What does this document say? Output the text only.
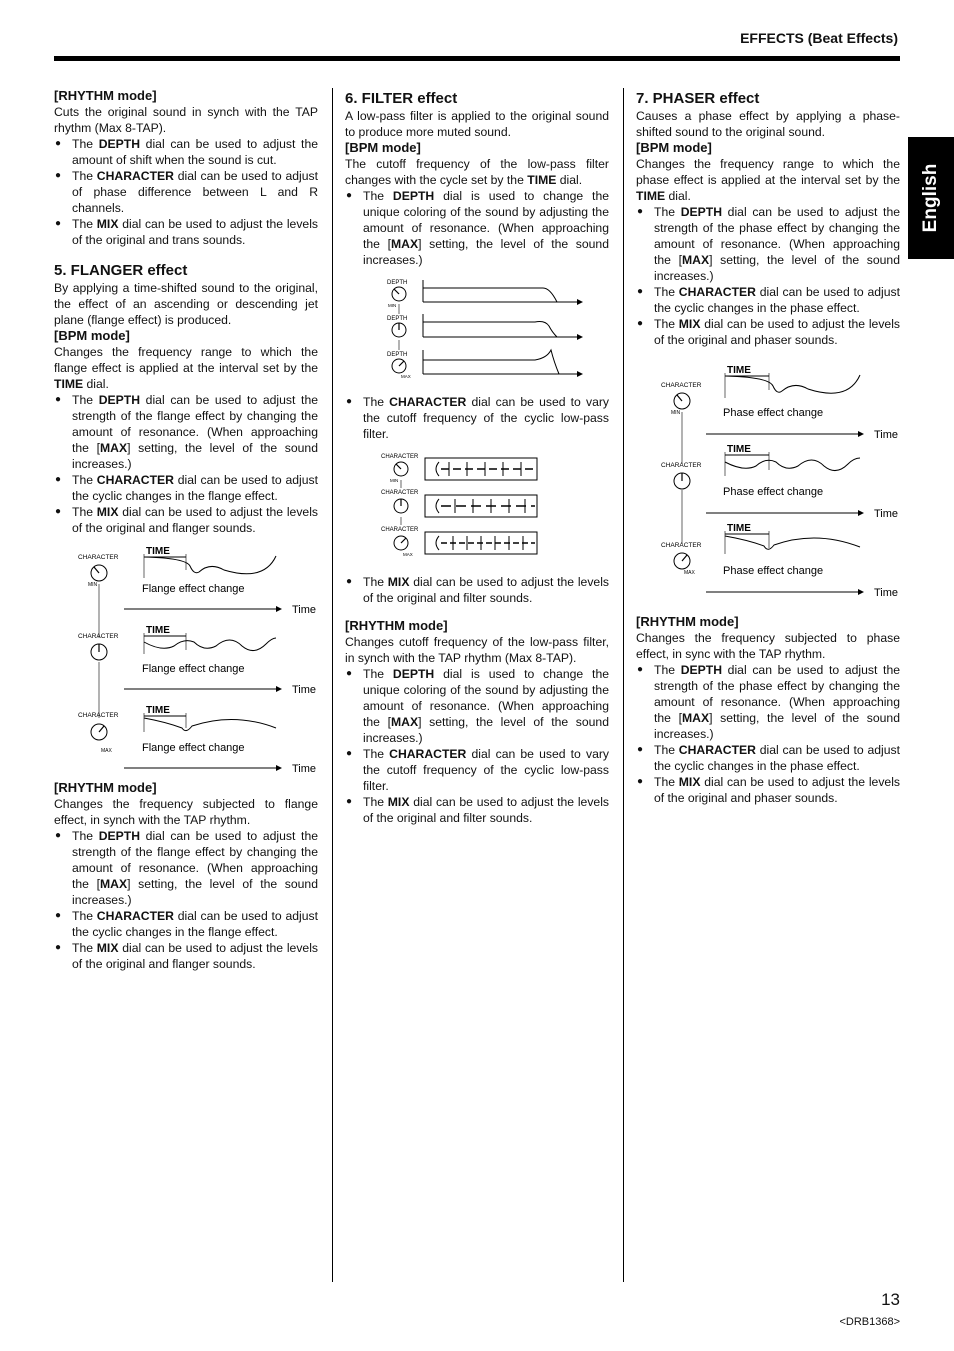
EFFECTS (Beat Effects)
English
[RHYTHM mode]

Cuts the original sound in synch with the TAP rhythm (Max 8-TAP).

● The DEPTH dial can be used to adjust the amount of shift when the sound is cut.
● The CHARACTER dial can be used to adjust of phase difference between L and R channels.
● The MIX dial can be used to adjust the levels of the original and trans sounds.
5. FLANGER effect

By applying a time-shifted sound to the original, the effect of an ascending or descending jet plane (flange effect) is produced.

[BPM mode]

Changes the frequency range to which the flange effect is applied at the interval set by the TIME dial.

● The DEPTH dial can be used to adjust the strength of the flange effect by changing the amount of resonance. (When approaching the [MAX] setting, the level of the sound increases.)
● The CHARACTER dial can be used to adjust the cyclic changes in the flange effect.
● The MIX dial can be used to adjust the levels of the original and flanger sounds.
CHARACTER
MIN
TIME
Flange effect change
Time
CHARACTER
TIME
Flange effect change
Time
CHARACTER
MAX
TIME
Flange effect change
Time
[RHYTHM mode]

Changes the frequency subjected to flange effect, in synch with the TAP rhythm.

● The DEPTH dial can be used to adjust the strength of the flange effect by changing the amount of resonance. (When approaching the [MAX] setting, the level of the sound increases.)
● The CHARACTER dial can be used to adjust the cyclic changes in the flange effect.
● The MIX dial can be used to adjust the levels of the original and flanger sounds.
6. FILTER effect

A low-pass filter is applied to the original sound to produce more muted sound.

[BPM mode]

The cutoff frequency of the low-pass filter changes with the cycle set by the TIME dial.

● The DEPTH dial is used to change the unique coloring of the sound by adjusting the amount of resonance. (When approaching the [MAX] setting, the level of the sound increases.)
DEPTH
MIN
DEPTH
DEPTH
MAX
● The CHARACTER dial can be used to vary the cutoff frequency of the cyclic low-pass filter.
CHARACTER
MIN
CHARACTER
CHARACTER
MAX
● The MIX dial can be used to adjust the levels of the original and filter sounds.
[RHYTHM mode]

Changes cutoff frequency of the low-pass filter, in synch with the TAP rhythm (Max 8-TAP).

● The DEPTH dial is used to change the unique coloring of the sound by adjusting the amount of resonance. (When approaching the [MAX] setting, the level of the sound increases.)
● The CHARACTER dial can be used to vary the cutoff frequency of the cyclic low-pass filter.
● The MIX dial can be used to adjust the levels of the original and filter sounds.
7. PHASER effect

Causes a phase effect by applying a phase-shifted sound to the original sound.

[BPM mode]

Changes the frequency range to which the phase effect is applied at the interval set by the TIME dial.

● The DEPTH dial can be used to adjust the strength of the phase effect by changing the amount of resonance. (When approaching the [MAX] setting, the level of the sound increases.)
● The CHARACTER dial can be used to adjust the cyclic changes in the phase effect.
● The MIX dial can be used to adjust the levels of the original and phaser sounds.
CHARACTER
MIN
TIME
Phase effect change
Time
CHARACTER
TIME
Phase effect change
Time
CHARACTER
MAX
TIME
Phase effect change
Time
[RHYTHM mode]

Changes the frequency subjected to phase effect, in sync with the TAP rhythm.

● The DEPTH dial can be used to adjust the strength of the phase effect by changing the amount of resonance. (When approaching the [MAX] setting, the level of the sound increases.)
● The CHARACTER dial can be used to adjust the cyclic changes in the phase effect.
● The MIX dial can be used to adjust the levels of the original and phaser sounds.
13
<DRB1368>
